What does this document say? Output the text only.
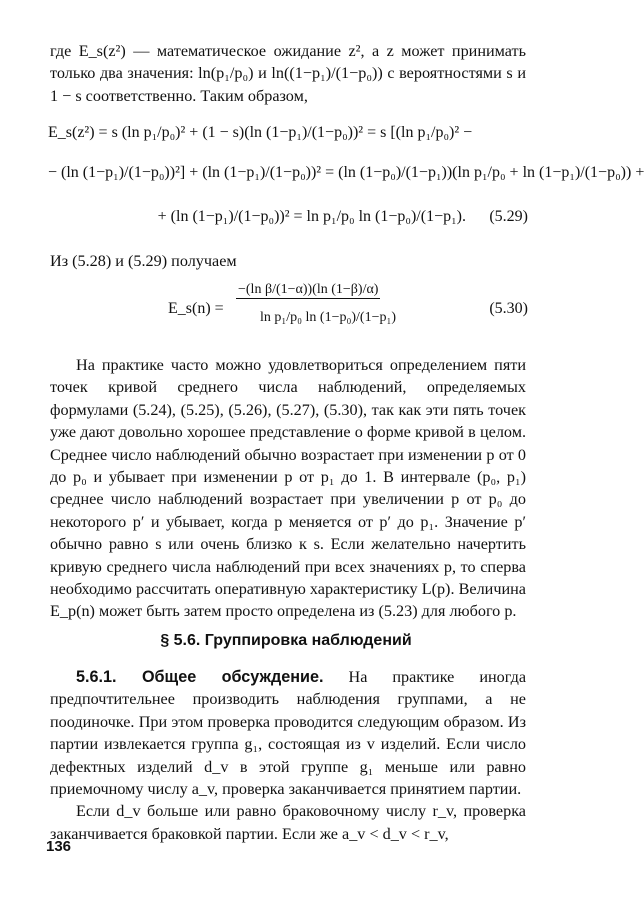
где E_s(z²) — математическое ожидание z², а z может принимать только два значения: ln(p₁/p₀) и ln((1−p₁)/(1−p₀)) с вероятностями s и 1 − s соответственно. Таким образом,

E_s(z²) = s (ln p₁/p₀)² + (1 − s)(ln (1−p₁)/(1−p₀))² = s [(ln p₁/p₀)² −
− (ln (1−p₁)/(1−p₀))²] + (ln (1−p₁)/(1−p₀))² = (ln (1−p₀)/(1−p₁))(ln p₁/p₀ + ln (1−p₁)/(1−p₀)) +
+ (ln (1−p₁)/(1−p₀))² = ln p₁/p₀ ln (1−p₀)/(1−p₁). (5.29)

Из (5.28) и (5.29) получаем

E_s(n) =
−(ln β/(1−α))(ln (1−β)/α)
ln p₁/p₀ ln (1−p₀)/(1−p₁)
(5.30)

На практике часто можно удовлетвориться определением пяти точек кривой среднего числа наблюдений, определяемых формулами (5.24), (5.25), (5.26), (5.27), (5.30), так как эти пять точек уже дают довольно хорошее представление о форме кривой в целом. Среднее число наблюдений обычно возрастает при изменении p от 0 до p₀ и убывает при изменении p от p₁ до 1. В интервале (p₀, p₁) среднее число наблюдений возрастает при увеличении p от p₀ до некоторого p′ и убывает, когда p меняется от p′ до p₁. Значение p′ обычно равно s или очень близко к s. Если желательно начертить кривую среднего числа наблюдений при всех значениях p, то сперва необходимо рассчитать оперативную характеристику L(p). Величина E_p(n) может быть затем просто определена из (5.23) для любого p.

§ 5.6. Группировка наблюдений

5.6.1. Общее обсуждение. На практике иногда предпочтительнее производить наблюдения группами, а не поодиночке. При этом проверка проводится следующим образом. Из партии извлекается группа g₁, состоящая из v изделий. Если число дефектных изделий d_v в этой группе g₁ меньше или равно приемочному числу a_v, проверка заканчивается принятием партии.

Если d_v больше или равно браковочному числу r_v, проверка заканчивается браковкой партии. Если же a_v < d_v < r_v,

136
